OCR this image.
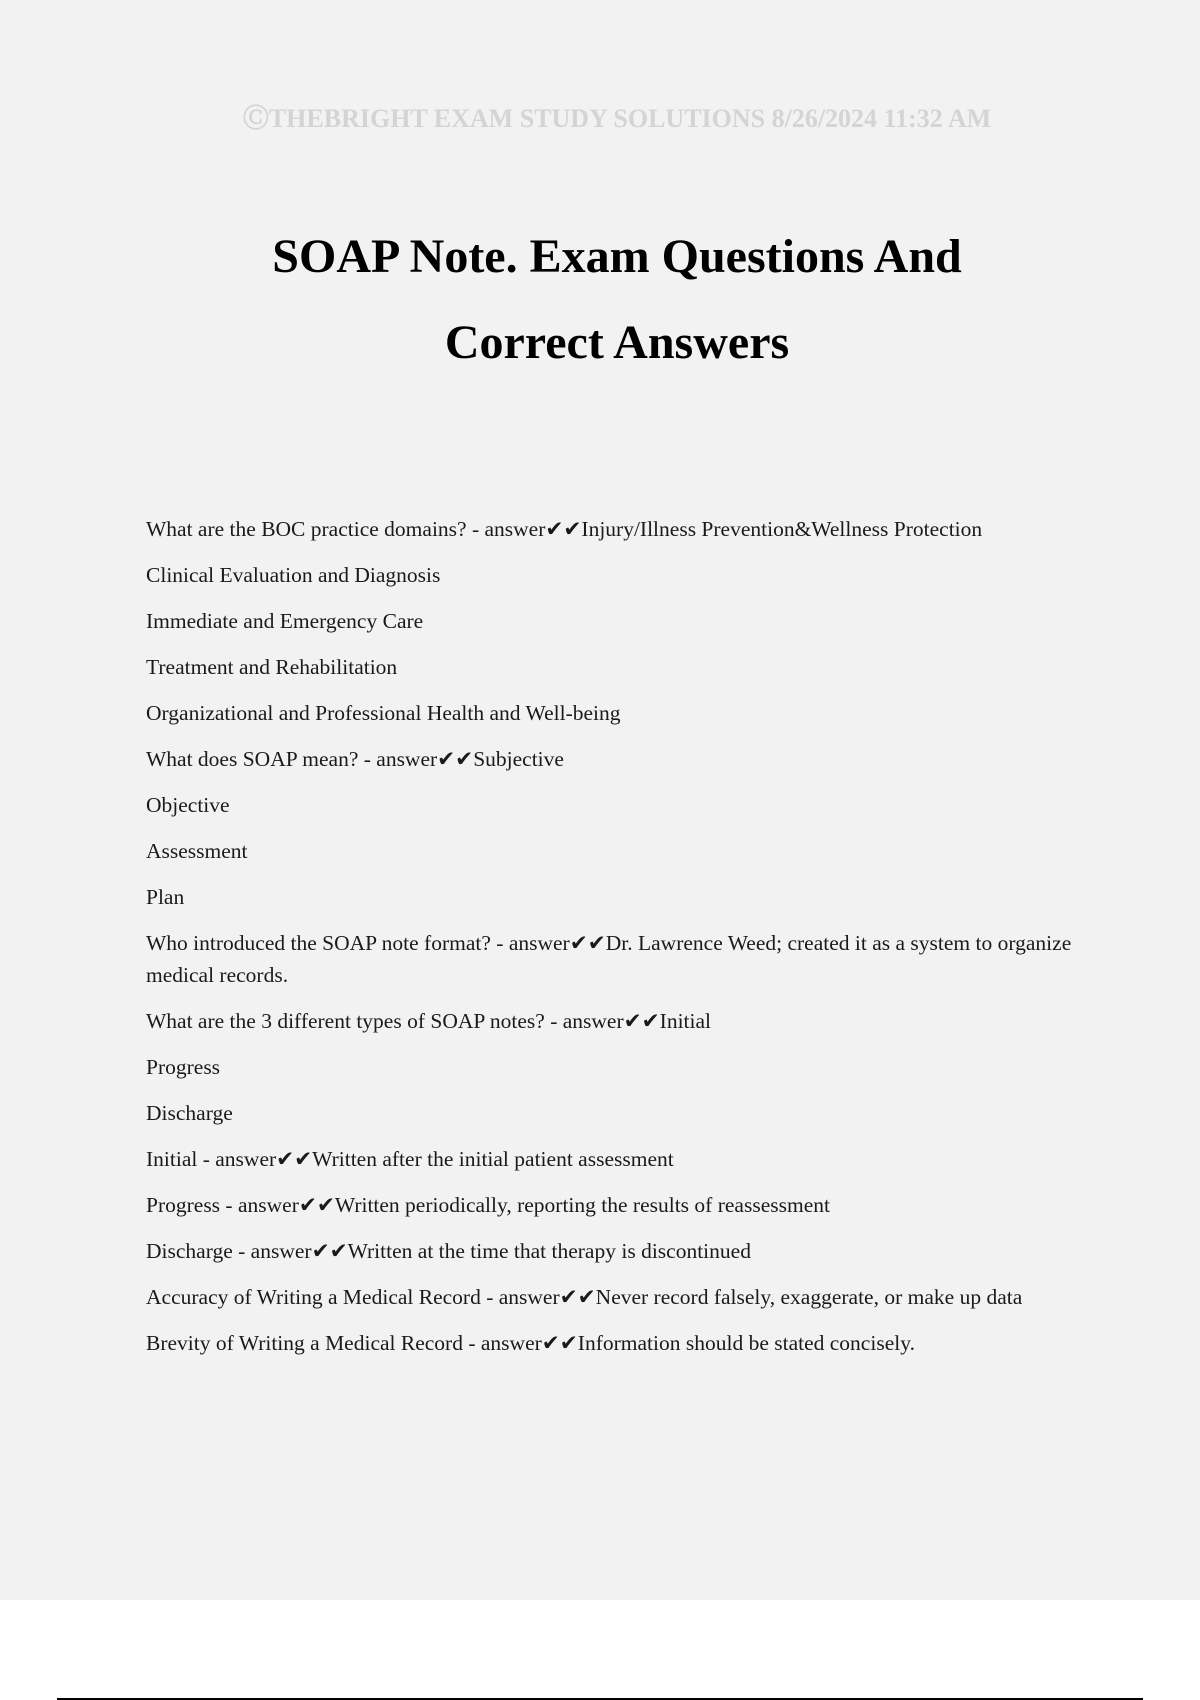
ⒸTHEBRIGHT EXAM STUDY SOLUTIONS 8/26/2024 11:32 AM
SOAP Note. Exam Questions And
Correct Answers

What are the BOC practice domains? - answer✔✔Injury/Illness Prevention&Wellness Protection

Clinical Evaluation and Diagnosis

Immediate and Emergency Care

Treatment and Rehabilitation

Organizational and Professional Health and Well-being

What does SOAP mean? - answer✔✔Subjective

Objective

Assessment

Plan

Who introduced the SOAP note format? - answer✔✔Dr. Lawrence Weed; created it as a system to organize medical records.

What are the 3 different types of SOAP notes? - answer✔✔Initial

Progress

Discharge

Initial - answer✔✔Written after the initial patient assessment

Progress - answer✔✔Written periodically, reporting the results of reassessment

Discharge - answer✔✔Written at the time that therapy is discontinued

Accuracy of Writing a Medical Record - answer✔✔Never record falsely, exaggerate, or make up data

Brevity of Writing a Medical Record - answer✔✔Information should be stated concisely.
